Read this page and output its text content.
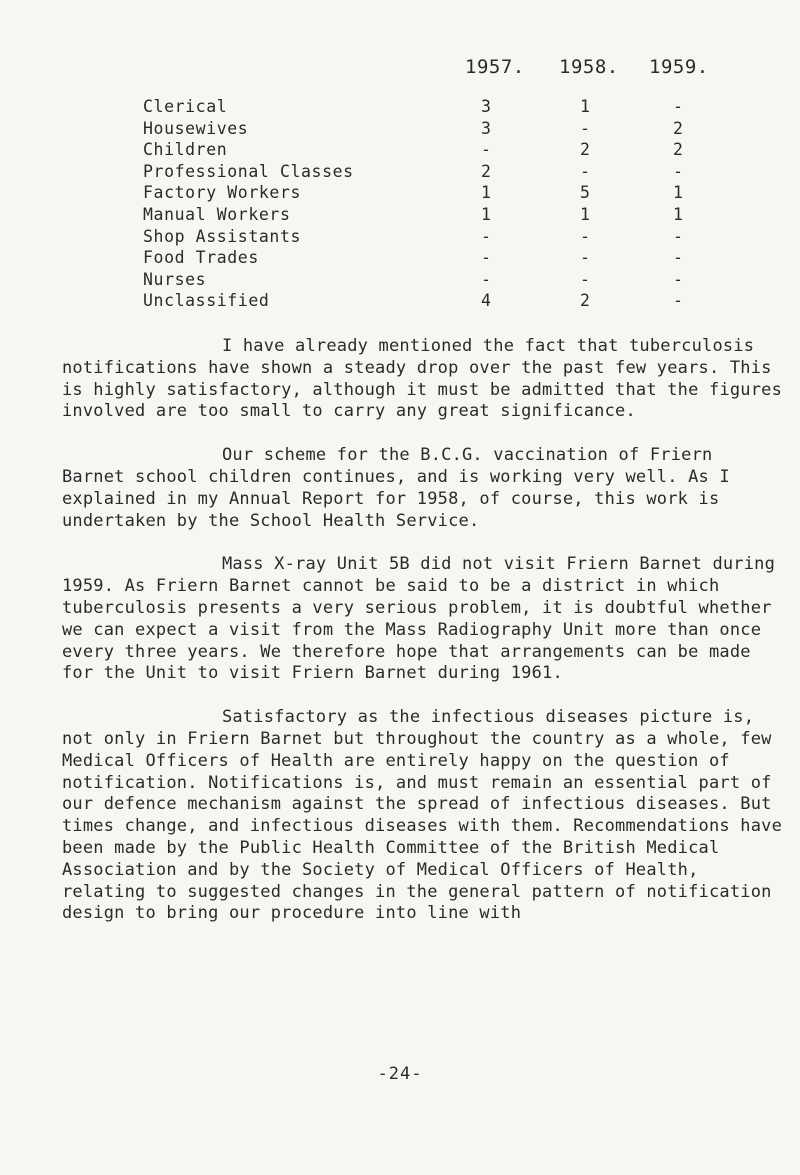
1957. 1958. 1959.
Clerical	3	1	-
Housewives	3	-	2
Children	-	2	2
Professional Classes	2	-	-
Factory Workers	1	5	1
Manual Workers	1	1	1
Shop Assistants	-	-	-
Food Trades	-	-	-
Nurses	-	-	-
Unclassified	4	2	-

I have already mentioned the fact that tuberculosis notifications have shown a steady drop over the past few years. This is highly satisfactory, although it must be admitted that the figures involved are too small to carry any great significance.

Our scheme for the B.C.G. vaccination of Friern Barnet school children continues, and is working very well. As I explained in my Annual Report for 1958, of course, this work is undertaken by the School Health Service.

Mass X-ray Unit 5B did not visit Friern Barnet during 1959. As Friern Barnet cannot be said to be a district in which tuberculosis presents a very serious problem, it is doubtful whether we can expect a visit from the Mass Radiography Unit more than once every three years. We therefore hope that arrangements can be made for the Unit to visit Friern Barnet during 1961.

Satisfactory as the infectious diseases picture is, not only in Friern Barnet but throughout the country as a whole, few Medical Officers of Health are entirely happy on the question of notification. Notifications is, and must remain an essential part of our defence mechanism against the spread of infectious diseases. But times change, and infectious diseases with them. Recommendations have been made by the Public Health Committee of the British Medical Association and by the Society of Medical Officers of Health, relating to suggested changes in the general pattern of notification design to bring our procedure into line with

-24-
